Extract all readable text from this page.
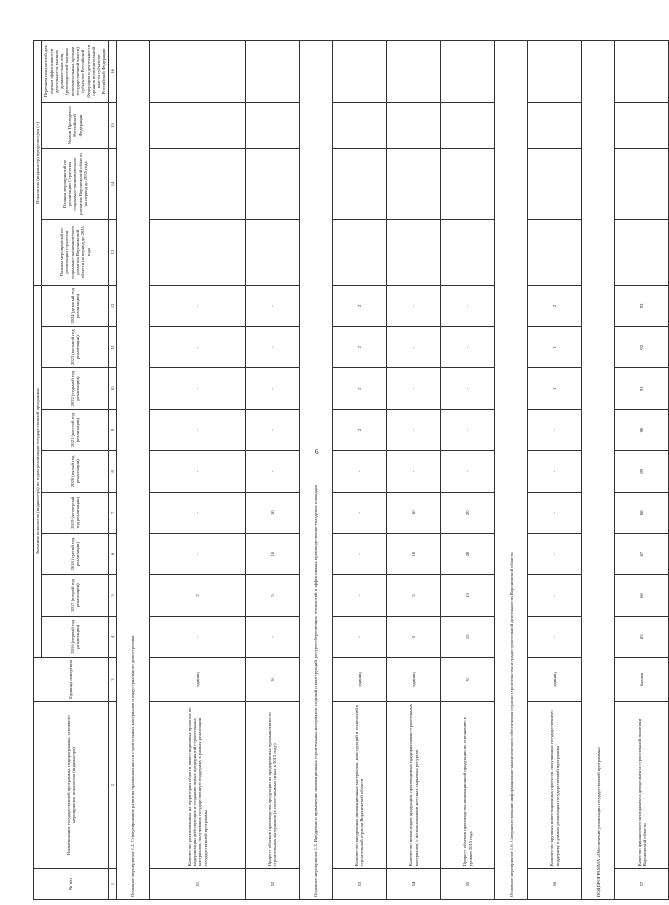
6
№ п/п	Наименование государственной программы, подпрограммы, основного мероприятия, показателя (индикатора)	Единица измерения	Значения показателя (индикатора) по годам реализации государственной программы									Показатель (индикатор) предусмотрен (+)			
			2016 (первый год реализации)	2017 (второй год реализации)	2018 (третий год реализации)	2019 (четвертый год реализации)	2020 (пятый год реализации)	2021 (шестой год реализации)	2022 (седьмой год реализации)	2023 (восьмой год реализации)	2024 (девятый год реализации)	Планом мероприятий по реализации стратегии социально-экономического развития Воронежской области на период до 2035 года	Планом мероприятий по реализации Стратегии социально-экономического развития Воронежской области на период до 2035 года	Указом Президента Российской Федерации	Перечнем показателей для оценки эффективности деятельности высших должностных лиц (руководителей высших исполнительных органов государственной власти) субъектов Российской Федерации и деятельности органов исполнительной власти субъектов Российской Федерации

1	2	3	4	5	6	7	8	9	10	11	12	13	14	15	16
Основное мероприятие 1.2. Стимулирование развития промышленности строительных материалов и индустриального домостроения															
51	Количество реализованных на территории области инвестиционных проектов по модернизации действующих и созданию новых предприятий строительных материалов, получивших государственную поддержку в рамках реализации государственной программы	единиц	-	2	-	-	-	-	-	-	-				
52	Прирост объемов производства продукции на предприятиях промышленности строительных материалов (в сопоставимых ценах к 2015 году)	%	-	5	10	10	-	-	-	-	-				
Основное мероприятие 1.3. Внедрение и применение инновационных строительных материалов, изделий и конструкций, ресурсосберегающих технологий и эффективных производственно-складских площадок															
53	Количество внедренных инновационных материалов, конструкций и технологий в строительной отрасли Воронежской области	единиц	-	-	-	-	-	2	2	2	2				
54	Количество новых видов продукции, производимых предприятиями строительных материалов, с использованием местных сырьевых ресурсов	единиц	5	5	10	10	-	-	-	-	-				
55	Прирост объемов производства инновационной продукции по отношению к уровню 2015 года	%	15	15	20	20	-	-	-	-	-				
Основное мероприятие 1.6. Совершенствование информационно-аналитического обеспечения отрасли строительства и градостроительной деятельности Воронежской области															
56	Количество крупных инвестиционных проектов, получивших государственную поддержку в рамках реализации государственной программы	единиц	-	-	-	-	-	-	1	1	2				
ПОДПРОГРАММА «Обеспечение реализации государственной программы»															
57	Качество финансового менеджмента департамента строительной политики Воронежской области	баллов	85	86	87	88	89	90	91	92	93				
